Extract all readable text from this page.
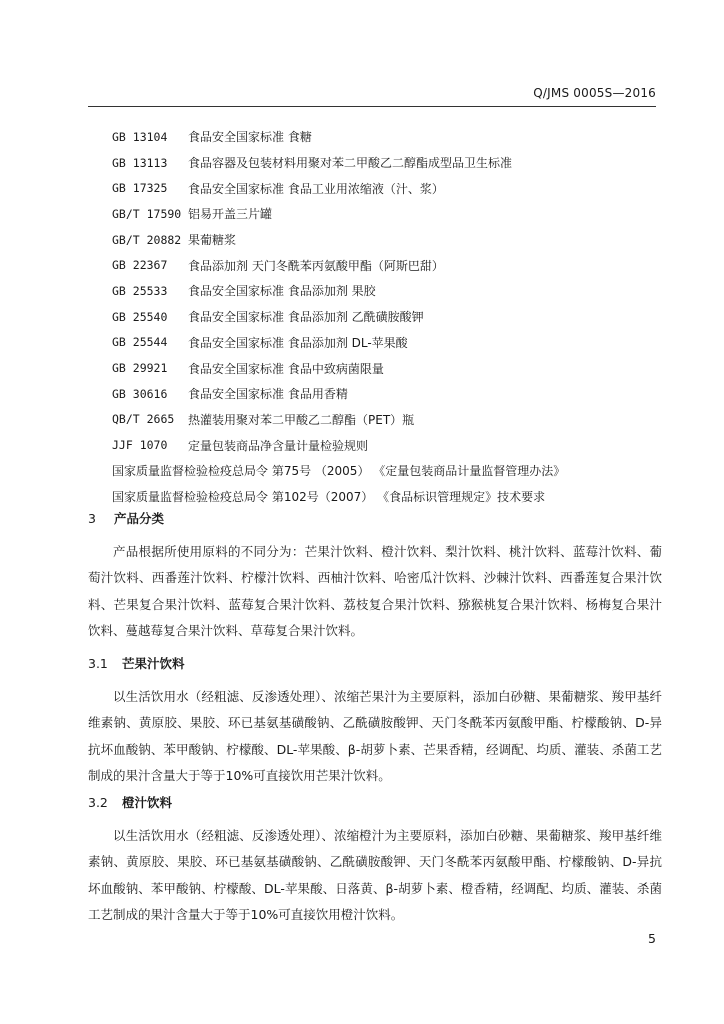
Q/JMS 0005S—2016
GB 13104	食品安全国家标准 食糖
GB 13113	食品容器及包装材料用聚对苯二甲酸乙二醇酯成型品卫生标准
GB 17325	食品安全国家标准 食品工业用浓缩液（汁、浆）
GB/T 17590 铝易开盖三片罐
GB/T 20882 果葡糖浆
GB 22367	食品添加剂 天门冬酰苯丙氨酸甲酯（阿斯巴甜）
GB 25533	食品安全国家标准 食品添加剂 果胶
GB 25540	食品安全国家标准 食品添加剂 乙酰磺胺酸钾
GB 25544	食品安全国家标准 食品添加剂 DL-苹果酸
GB 29921	食品安全国家标准 食品中致病菌限量
GB 30616	食品安全国家标准 食品用香精
QB/T 2665	热灌装用聚对苯二甲酸乙二醇酯（PET）瓶
JJF 1070	定量包装商品净含量计量检验规则
国家质量监督检验检疫总局令 第75号 （2005） 《定量包装商品计量监督管理办法》
国家质量监督检验检疫总局令 第102号（2007） 《食品标识管理规定》技术要求
3 产品分类

产品根据所使用原料的不同分为：芒果汁饮料、橙汁饮料、梨汁饮料、桃汁饮料、蓝莓汁饮料、葡萄汁饮料、西番莲汁饮料、柠檬汁饮料、西柚汁饮料、哈密瓜汁饮料、沙棘汁饮料、西番莲复合果汁饮料、芒果复合果汁饮料、蓝莓复合果汁饮料、荔枝复合果汁饮料、猕猴桃复合果汁饮料、杨梅复合果汁饮料、蔓越莓复合果汁饮料、草莓复合果汁饮料。

3.1 芒果汁饮料

以生活饮用水（经粗滤、反渗透处理）、浓缩芒果汁为主要原料，添加白砂糖、果葡糖浆、羧甲基纤维素钠、黄原胶、果胶、环已基氨基磺酸钠、乙酰磺胺酸钾、天门冬酰苯丙氨酸甲酯、柠檬酸钠、D-异抗坏血酸钠、苯甲酸钠、柠檬酸、DL-苹果酸、β-胡萝卜素、芒果香精，经调配、均质、灌装、杀菌工艺制成的果汁含量大于等于10%可直接饮用芒果汁饮料。

3.2 橙汁饮料

以生活饮用水（经粗滤、反渗透处理）、浓缩橙汁为主要原料，添加白砂糖、果葡糖浆、羧甲基纤维素钠、黄原胶、果胶、环已基氨基磺酸钠、乙酰磺胺酸钾、天门冬酰苯丙氨酸甲酯、柠檬酸钠、D-异抗坏血酸钠、苯甲酸钠、柠檬酸、DL-苹果酸、日落黄、β-胡萝卜素、橙香精，经调配、均质、灌装、杀菌工艺制成的果汁含量大于等于10%可直接饮用橙汁饮料。

5
